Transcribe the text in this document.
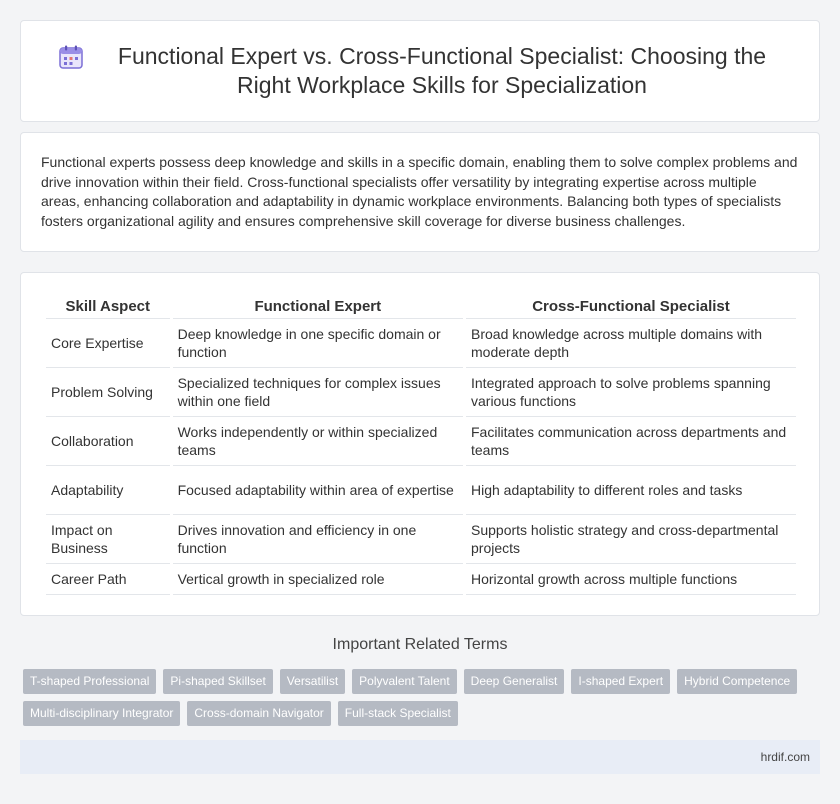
Functional Expert vs. Cross-Functional Specialist: Choosing the Right Workplace Skills for Specialization

Functional experts possess deep knowledge and skills in a specific domain, enabling them to solve complex problems and drive innovation within their field. Cross-functional specialists offer versatility by integrating expertise across multiple areas, enhancing collaboration and adaptability in dynamic workplace environments. Balancing both types of specialists fosters organizational agility and ensures comprehensive skill coverage for diverse business challenges.

Skill Aspect	Functional Expert	Cross-Functional Specialist
Core Expertise	Deep knowledge in one specific domain or function	Broad knowledge across multiple domains with moderate depth
Problem Solving	Specialized techniques for complex issues within one field	Integrated approach to solve problems spanning various functions
Collaboration	Works independently or within specialized teams	Facilitates communication across departments and teams
Adaptability	Focused adaptability within area of expertise	High adaptability to different roles and tasks
Impact on Business	Drives innovation and efficiency in one function	Supports holistic strategy and cross-departmental projects
Career Path	Vertical growth in specialized role	Horizontal growth across multiple functions
Important Related Terms
T-shaped Professional	Pi-shaped Skillset	Versatilist	Polyvalent Talent	Deep Generalist	I-shaped Expert	Hybrid Competence
Multi-disciplinary Integrator	Cross-domain Navigator	Full-stack Specialist
hrdif.com
